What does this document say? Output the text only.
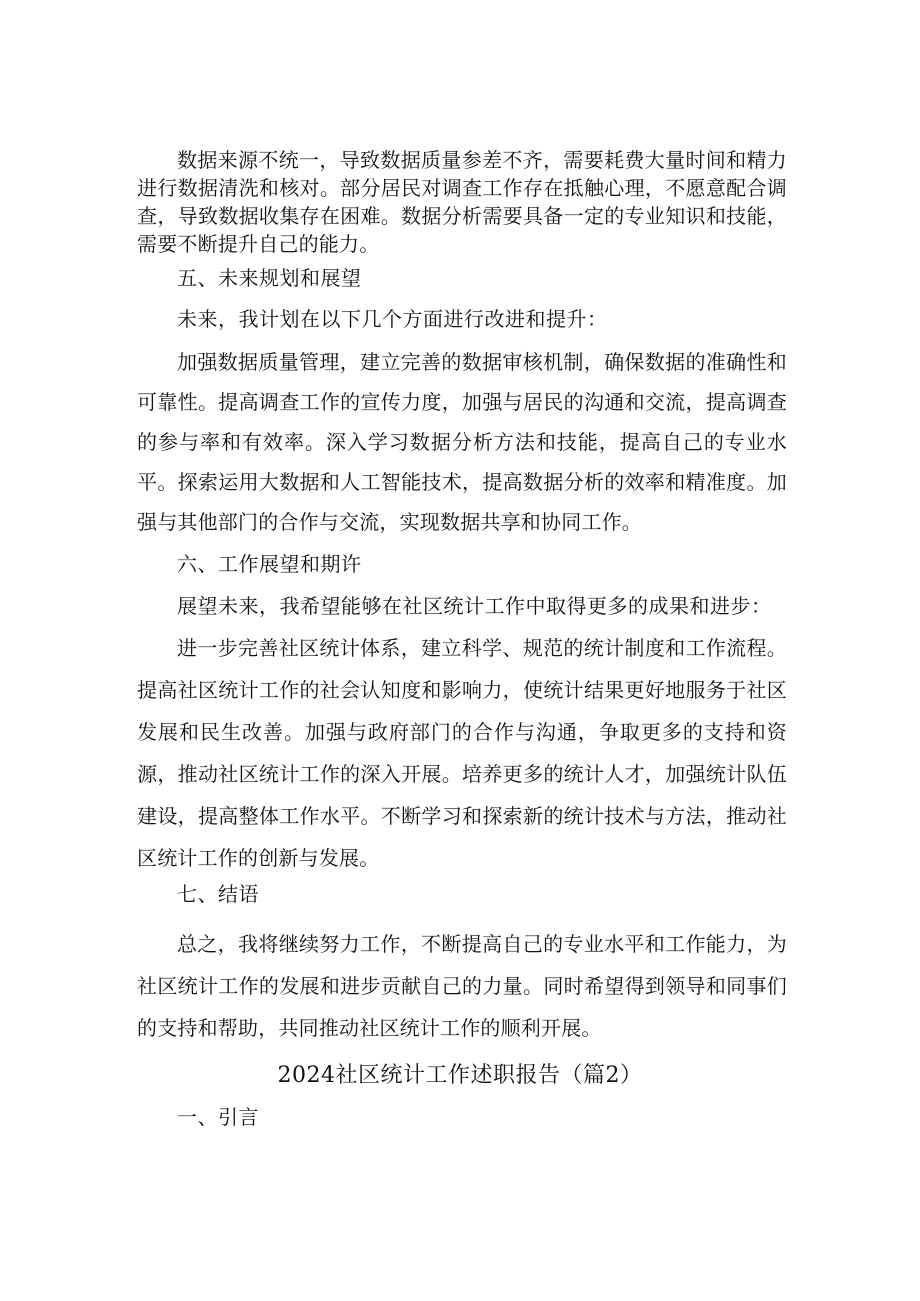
数据来源不统一，导致数据质量参差不齐，需要耗费大量时间和精力进行数据清洗和核对。部分居民对调查工作存在抵触心理，不愿意配合调查，导致数据收集存在困难。数据分析需要具备一定的专业知识和技能，需要不断提升自己的能力。

五、未来规划和展望

未来，我计划在以下几个方面进行改进和提升：

加强数据质量管理，建立完善的数据审核机制，确保数据的准确性和可靠性。提高调查工作的宣传力度，加强与居民的沟通和交流，提高调查的参与率和有效率。深入学习数据分析方法和技能，提高自己的专业水平。探索运用大数据和人工智能技术，提高数据分析的效率和精准度。加强与其他部门的合作与交流，实现数据共享和协同工作。

六、工作展望和期许

展望未来，我希望能够在社区统计工作中取得更多的成果和进步：

进一步完善社区统计体系，建立科学、规范的统计制度和工作流程。提高社区统计工作的社会认知度和影响力，使统计结果更好地服务于社区发展和民生改善。加强与政府部门的合作与沟通，争取更多的支持和资源，推动社区统计工作的深入开展。培养更多的统计人才，加强统计队伍建设，提高整体工作水平。不断学习和探索新的统计技术与方法，推动社区统计工作的创新与发展。

七、结语

总之，我将继续努力工作，不断提高自己的专业水平和工作能力，为社区统计工作的发展和进步贡献自己的力量。同时希望得到领导和同事们的支持和帮助，共同推动社区统计工作的顺利开展。

2024社区统计工作述职报告（篇2）

一、引言
